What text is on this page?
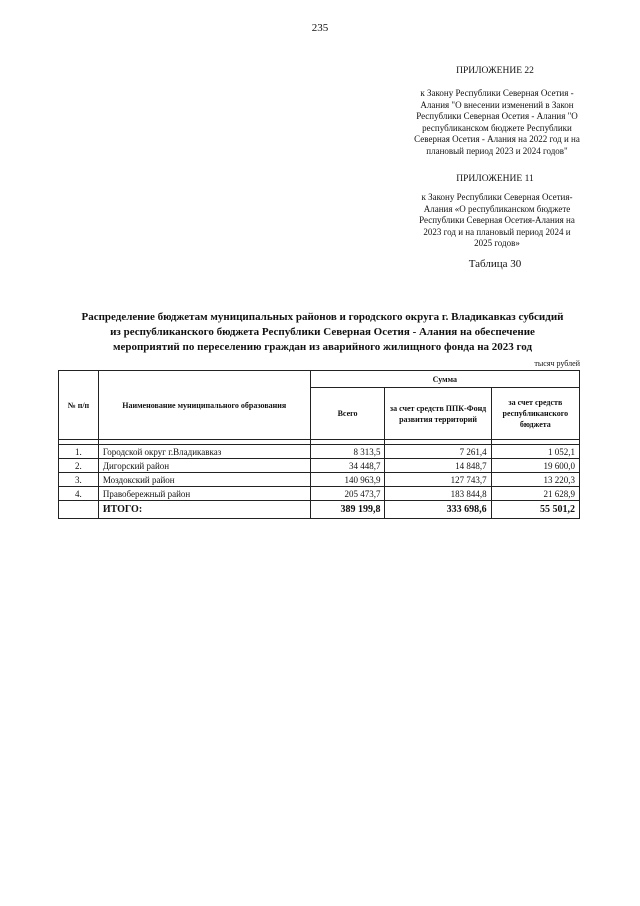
235
ПРИЛОЖЕНИЕ 22
к Закону Республики Северная Осетия -
Алания "О внесении изменений в Закон
Республики Северная Осетия - Алания "О
республиканском бюджете Республики
Северная Осетия - Алания на 2022 год и на
плановый период 2023 и 2024 годов"
ПРИЛОЖЕНИЕ 11
к Закону Республики Северная Осетия-
Алания «О республиканском бюджете
Республики Северная Осетия-Алания на
2023 год и на плановый период 2024 и
2025 годов»
Таблица 30
Распределение бюджетам муниципальных районов и городского округа г. Владикавказ субсидий
из республиканского бюджета Республики Северная Осетия - Алания на обеспечение
мероприятий по переселению граждан из аварийного жилищного фонда на 2023 год
тысяч рублей
№ п/п	Наименование муниципального образования	Сумма		
		Всего	за счет средств ППК-Фонд развития территорий	за счет средств республиканского бюджета

1.	Городской округ г.Владикавказ	8 313,5	7 261,4	1 052,1
2.	Дигорский район	34 448,7	14 848,7	19 600,0
3.	Моздокский район	140 963,9	127 743,7	13 220,3
4.	Правобережный район	205 473,7	183 844,8	21 628,9
	ИТОГО:	389 199,8	333 698,6	55 501,2
